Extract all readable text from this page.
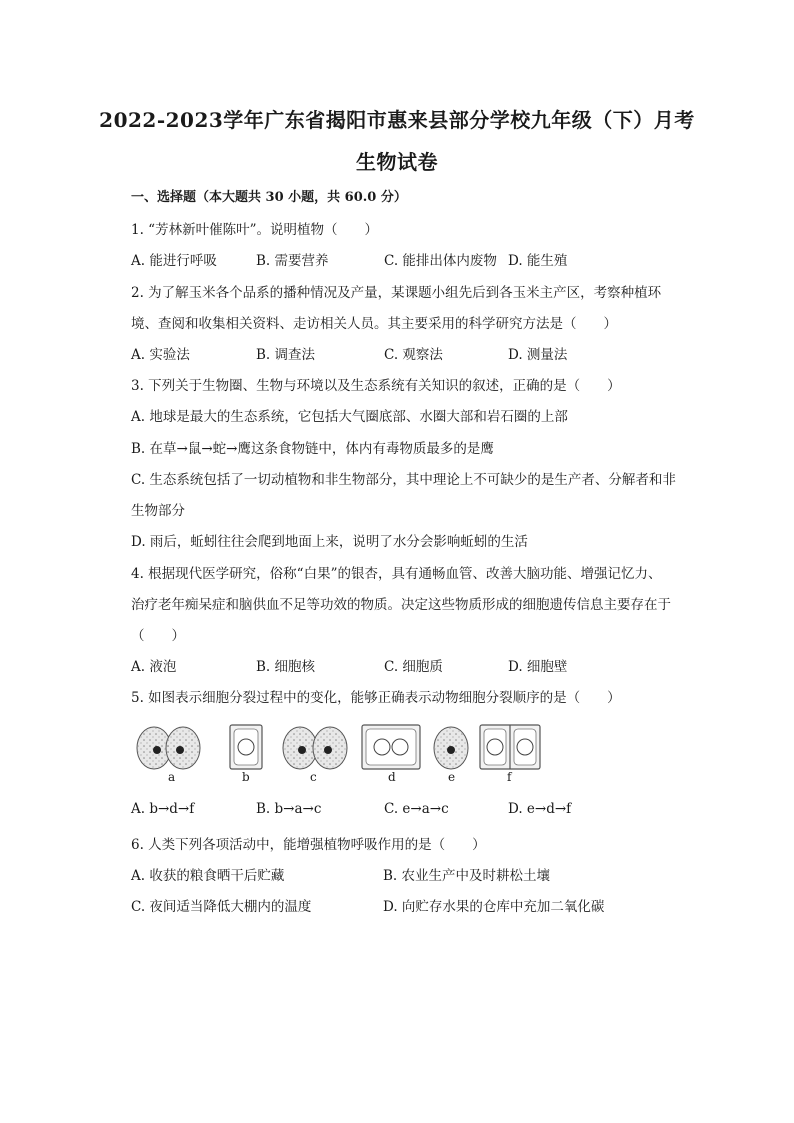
2022-2023学年广东省揭阳市惠来县部分学校九年级（下）月考
生物试卷
一、选择题（本大题共 30 小题，共 60.0 分）
1. “芳林新叶催陈叶”。说明植物（　　）
A. 能进行呼吸	B. 需要营养	C. 能排出体内废物 D. 能生殖
2. 为了解玉米各个品系的播种情况及产量，某课题小组先后到各玉米主产区，考察种植环
境、查阅和收集相关资料、走访相关人员。其主要采用的科学研究方法是（　　）
A. 实验法	B. 调查法	C. 观察法	D. 测量法
3. 下列关于生物圈、生物与环境以及生态系统有关知识的叙述，正确的是（　　）
A. 地球是最大的生态系统，它包括大气圈底部、水圈大部和岩石圈的上部
B. 在草→鼠→蛇→鹰这条食物链中，体内有毒物质最多的是鹰
C. 生态系统包括了一切动植物和非生物部分，其中理论上不可缺少的是生产者、分解者和非
生物部分
D. 雨后，蚯蚓往往会爬到地面上来，说明了水分会影响蚯蚓的生活
4. 根据现代医学研究，俗称“白果”的银杏，具有通畅血管、改善大脑功能、增强记忆力、
治疗老年痴呆症和脑供血不足等功效的物质。决定这些物质形成的细胞遗传信息主要存在于
（　　）
A. 液泡	B. 细胞核	C. 细胞质	D. 细胞壁
5. 如图表示细胞分裂过程中的变化，能够正确表示动物细胞分裂顺序的是（　　）
a	b	c	d	e	f
A. b→d→f	B. b→a→c	C. e→a→c	D. e→d→f
6. 人类下列各项活动中，能增强植物呼吸作用的是（　　）
A. 收获的粮食晒干后贮藏	B. 农业生产中及时耕松土壤
C. 夜间适当降低大棚内的温度	D. 向贮存水果的仓库中充加二氧化碳
